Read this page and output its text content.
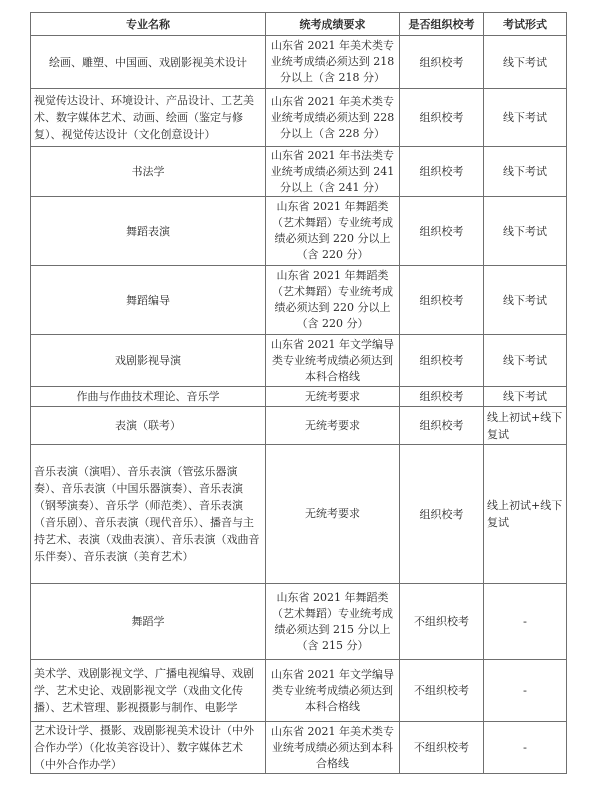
专业名称	统考成绩要求	是否组织校考	考试形式
绘画、雕塑、中国画、戏剧影视美术设计	山东省 2021 年美术类专业统考成绩必须达到 218 分以上（含 218 分）	组织校考	线下考试
视觉传达设计、环境设计、产品设计、工艺美术、数字媒体艺术、动画、绘画（鉴定与修复）、视觉传达设计（文化创意设计）	山东省 2021 年美术类专业统考成绩必须达到 228 分以上（含 228 分）	组织校考	线下考试
书法学	山东省 2021 年书法类专业统考成绩必须达到 241 分以上（含 241 分）	组织校考	线下考试
舞蹈表演	山东省 2021 年舞蹈类（艺术舞蹈）专业统考成绩必须达到 220 分以上（含 220 分）	组织校考	线下考试
舞蹈编导	山东省 2021 年舞蹈类（艺术舞蹈）专业统考成绩必须达到 220 分以上（含 220 分）	组织校考	线下考试
戏剧影视导演	山东省 2021 年文学编导类专业统考成绩必须达到本科合格线	组织校考	线下考试
作曲与作曲技术理论、音乐学	无统考要求	组织校考	线下考试
表演（联考）	无统考要求	组织校考	线上初试+线下复试
音乐表演（演唱）、音乐表演（管弦乐器演奏）、音乐表演（中国乐器演奏）、音乐表演（钢琴演奏）、音乐学（师范类）、音乐表演（音乐剧）、音乐表演（现代音乐）、播音与主持艺术、表演（戏曲表演）、音乐表演（戏曲音乐伴奏）、音乐表演（美育艺术）	无统考要求	组织校考	线上初试+线下复试
舞蹈学	山东省 2021 年舞蹈类（艺术舞蹈）专业统考成绩必须达到 215 分以上（含 215 分）	不组织校考	-
美术学、戏剧影视文学、广播电视编导、戏剧学、艺术史论、戏剧影视文学（戏曲文化传播）、艺术管理、影视摄影与制作、电影学	山东省 2021 年文学编导类专业统考成绩必须达到本科合格线	不组织校考	-
艺术设计学、摄影、戏剧影视美术设计（中外合作办学）（化妆美容设计）、数字媒体艺术（中外合作办学）	山东省 2021 年美术类专业统考成绩必须达到本科合格线	不组织校考	-
